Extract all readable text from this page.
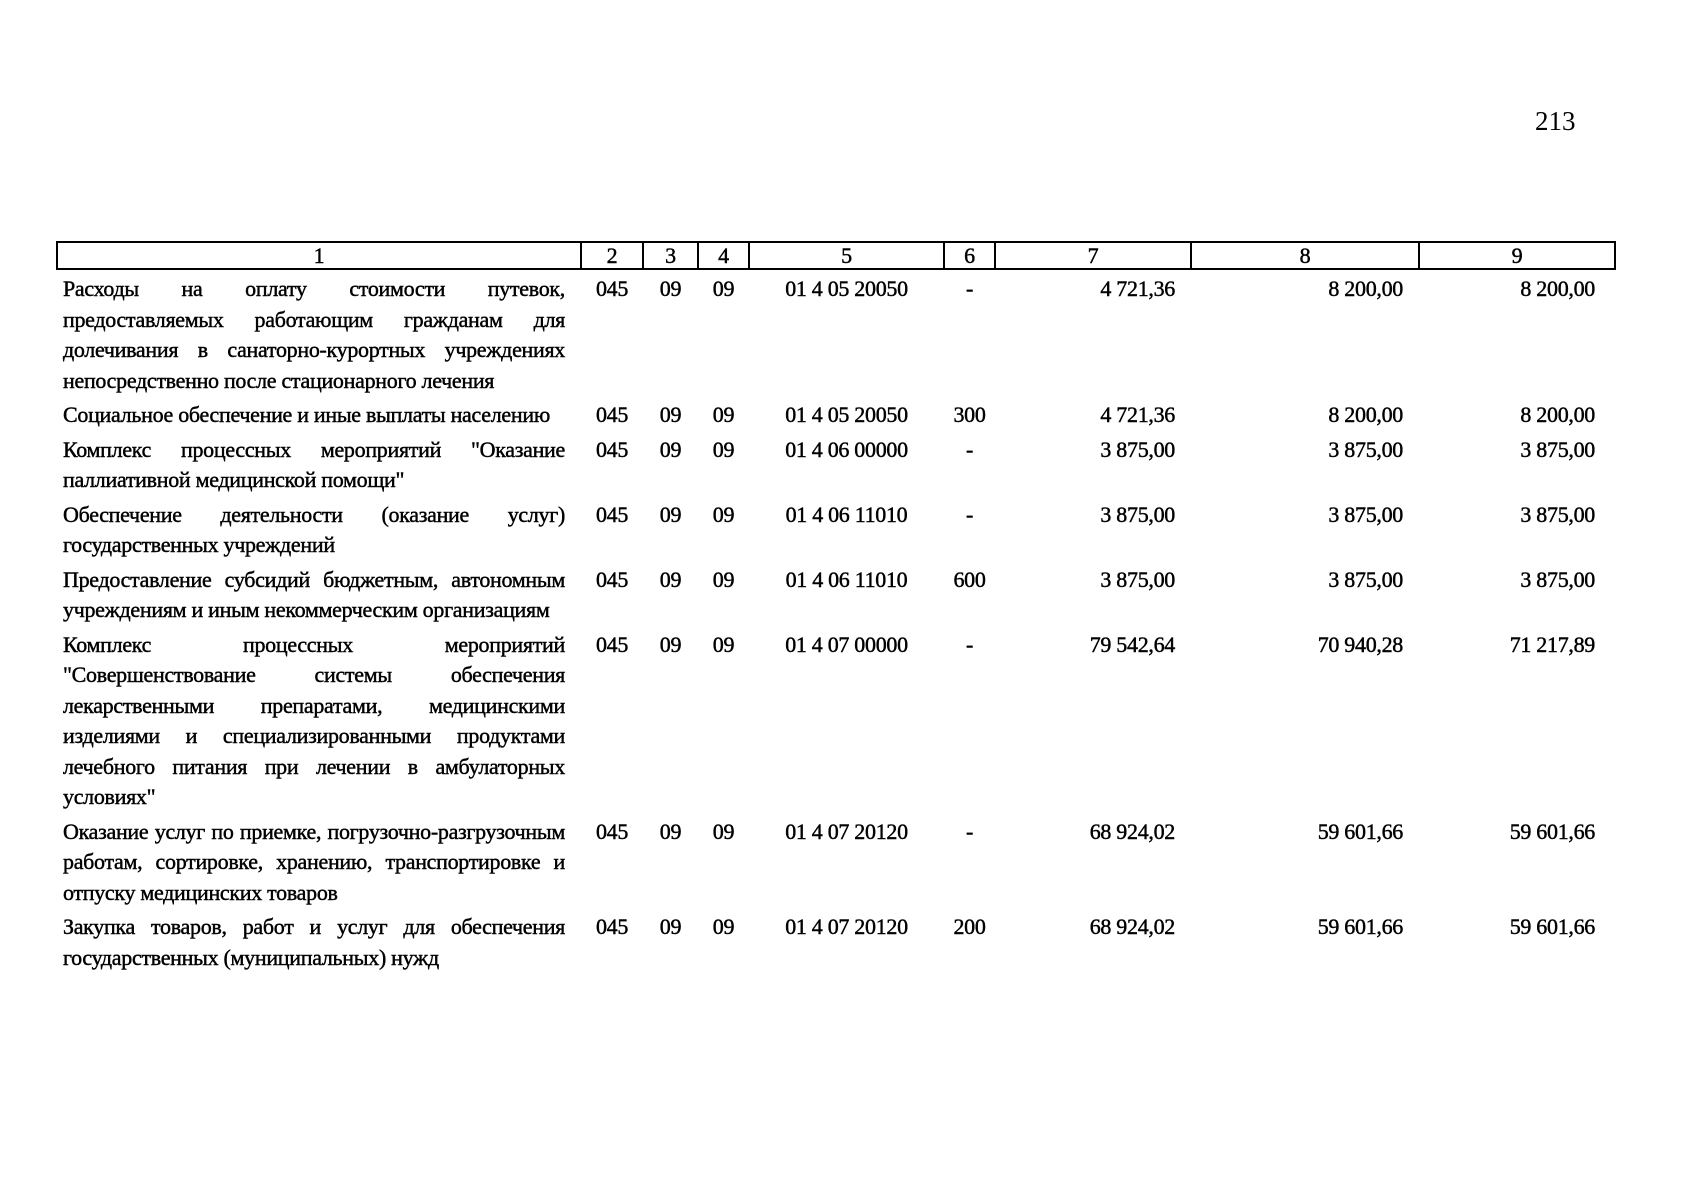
213
1	2	3	4	5	6	7	8	9
Расходы на оплату стоимости путевок, предоставляемых работающим гражданам для долечивания в санаторно-курортных учреждениях непосредственно после стационарного лечения	045	09	09	01 4 05 20050	-	4 721,36	8 200,00	8 200,00
Социальное обеспечение и иные выплаты населению	045	09	09	01 4 05 20050	300	4 721,36	8 200,00	8 200,00
Комплекс процессных мероприятий "Оказание паллиативной медицинской помощи"	045	09	09	01 4 06 00000	-	3 875,00	3 875,00	3 875,00
Обеспечение деятельности (оказание услуг) государственных учреждений	045	09	09	01 4 06 11010	-	3 875,00	3 875,00	3 875,00
Предоставление субсидий бюджетным, автономным учреждениям и иным некоммерческим организациям	045	09	09	01 4 06 11010	600	3 875,00	3 875,00	3 875,00
Комплекс процессных мероприятий "Совершенствование системы обеспечения лекарственными препаратами, медицинскими изделиями и специализированными продуктами лечебного питания при лечении в амбулаторных условиях"	045	09	09	01 4 07 00000	-	79 542,64	70 940,28	71 217,89
Оказание услуг по приемке, погрузочно-разгрузочным работам, сортировке, хранению, транспортировке и отпуску медицинских товаров	045	09	09	01 4 07 20120	-	68 924,02	59 601,66	59 601,66
Закупка товаров, работ и услуг для обеспечения государственных (муниципальных) нужд	045	09	09	01 4 07 20120	200	68 924,02	59 601,66	59 601,66
